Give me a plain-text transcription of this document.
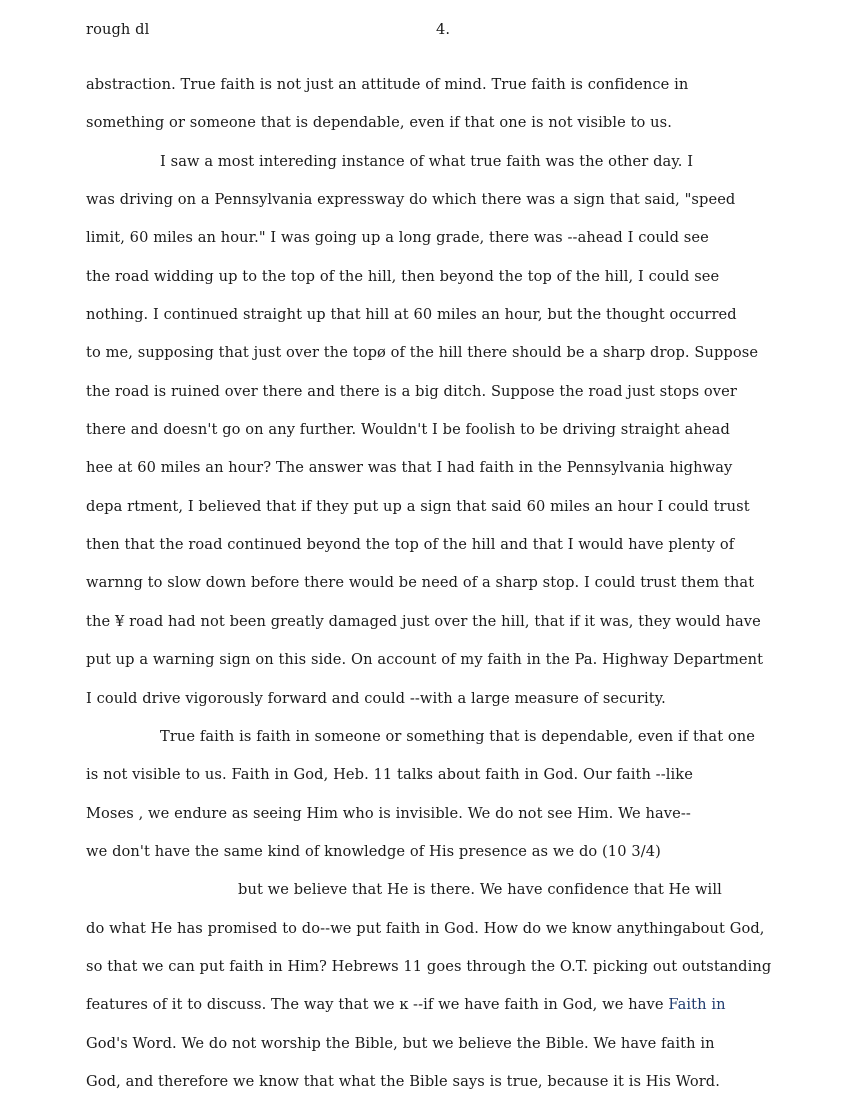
rough dl	4.
abstraction. True faith is not just an attitude of mind. True faith is confidence in
something or someone that is dependable, even if that one is not visible to us.
I saw a most intereding instance of what true faith was the other day. I
was driving on a Pennsylvania expressway do which there was a sign that said, "speed
limit, 60 miles an hour." I was going up a long grade, there was --ahead I could see
the road widding up to the top of the hill, then beyond the top of the hill, I could see
nothing. I continued straight up that hill at 60 miles an hour, but the thought occurred
to me, supposing that just over the topø of the hill there should be a sharp drop. Suppose
the road is ruined over there and there is a big ditch. Suppose the road just stops over
there and doesn't go on any further. Wouldn't I be foolish to be driving straight ahead
hee at 60 miles an hour? The answer was that I had faith in the Pennsylvania highway
depa rtment, I believed that if they put up a sign that said 60 miles an hour I could trust
then that the road continued beyond the top of the hill and that I would have plenty of
warnng to slow down before there would be need of a sharp stop. I could trust them that
the ¥ road had not been greatly damaged just over the hill, that if it was, they would have
put up a warning sign on this side. On account of my faith in the Pa. Highway Department
I could drive vigorously forward and could --with a large measure of security.
True faith is faith in someone or something that is dependable, even if that one
is not visible to us. Faith in God, Heb. 11 talks about faith in God. Our faith --like
Moses , we endure as seeing Him who is invisible. We do not see Him. We have--
we don't have the same kind of knowledge of His presence as we do (10 3/4)
but we believe that He is there. We have confidence that He will
do what He has promised to do--we put faith in God. How do we know anythingabout God,
so that we can put faith in Him? Hebrews 11 goes through the O.T. picking out outstanding
features of it to discuss. The way that we ĸ --if we have faith in God, we have Faith in
God's Word. We do not worship the Bible, but we believe the Bible. We have faith in
God, and therefore we know that what the Bible says is true, because it is His Word.
